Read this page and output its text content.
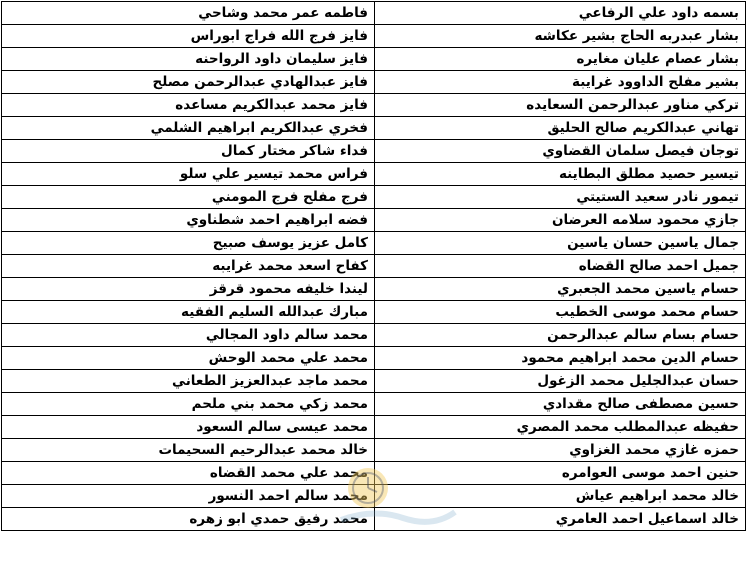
فاطمه عمر محمد وشاحي	بسمه داود علي الرفاعي
فايز فرج الله فراج ابوراس	بشار عبدربه الحاج بشير عكاشه
فايز سليمان داود الرواحنه	بشار عصام عليان مغايره
فايز عبدالهادي عبدالرحمن مصلح	بشير مفلح الداوود غرايبة
فايز محمد عبدالكريم مساعده	تركي مناور عبدالرحمن السعايده
فخري عبدالكريم ابراهيم الشلمي	تهاني عبدالكريم صالح الحليق
فداء شاكر مختار كمال	توجان فيصل سلمان القضاوي
فراس محمد تيسير علي سلو	تيسير حصيد مطلق البطاينه
فرج مفلح فرج المومني	تيمور نادر سعيد الستيتي
فضه ابراهيم احمد شطناوي	جازي محمود سلامه العرضان
كامل عزيز يوسف صبيح	جمال ياسين حسان ياسين
كفاح اسعد محمد غرايبه	جميل احمد صالح القضاه
ليندا خليفه محمود قرقز	حسام ياسين محمد الجعبري
مبارك عبدالله السليم الفقيه	حسام محمد موسى الخطيب
محمد سالم داود المجالي	حسام بسام سالم عبدالرحمن
محمد علي محمد الوحش	حسام الدين محمد ابراهيم محمود
محمد ماجد عبدالعزيز الطعاني	حسان عبدالجليل محمد الزغول
محمد زكي محمد بني ملحم	حسين مصطفى صالح مقدادي
محمد عيسى سالم السعود	حفيظه عبدالمطلب محمد المصري
خالد محمد عبدالرحيم السحيمات	حمزه غازي محمد الغزاوي
محمد علي محمد القضاه	حنين احمد موسى العوامره
محمد سالم احمد النسور	خالد محمد ابراهيم عياش
محمد رفيق حمدي ابو زهره	خالد اسماعيل احمد العامري
